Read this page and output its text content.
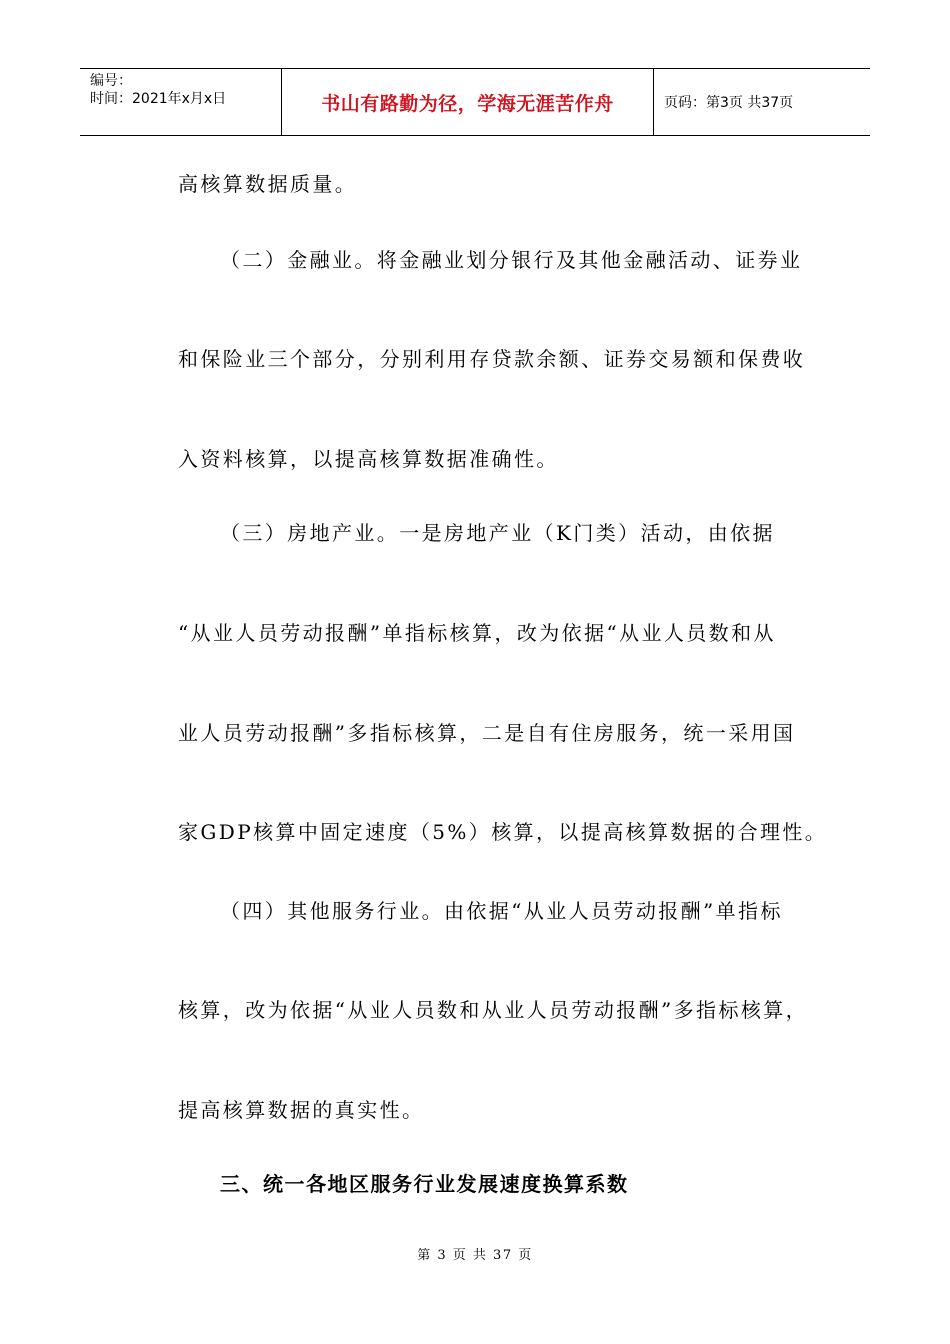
编号：
时间：2021年x月x日	书山有路勤为径，学海无涯苦作舟	页码：第3页 共37页
高核算数据质量。
（二）金融业。将金融业划分银行及其他金融活动、证券业
和保险业三个部分，分别利用存贷款余额、证券交易额和保费收
入资料核算，以提高核算数据准确性。
（三）房地产业。一是房地产业（K门类）活动，由依据
“从业人员劳动报酬”单指标核算，改为依据“从业人员数和从
业人员劳动报酬”多指标核算，二是自有住房服务，统一采用国
家GDP核算中固定速度（5%）核算，以提高核算数据的合理性。
（四）其他服务行业。由依据“从业人员劳动报酬”单指标
核算，改为依据“从业人员数和从业人员劳动报酬”多指标核算，
提高核算数据的真实性。
三、统一各地区服务行业发展速度换算系数
第 3 页 共 37 页
